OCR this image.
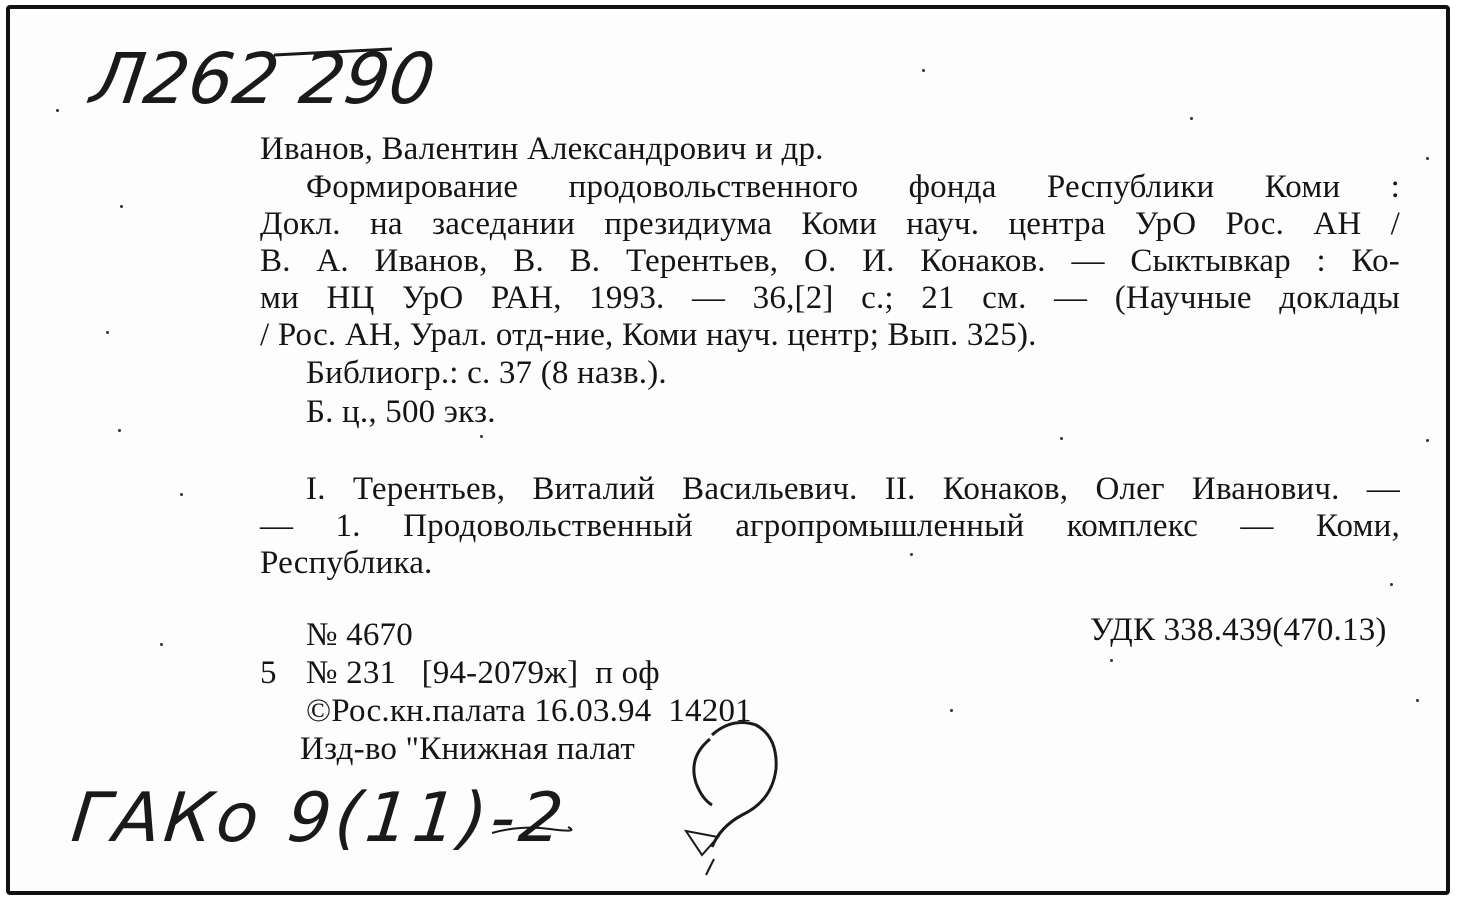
Л262 290
Иванов, Валентин Александрович и др.
Формирование продовольственного фонда Республики Коми :
Докл. на заседании президиума Коми науч. центра УрО Рос. АН /
В. А. Иванов, В. В. Терентьев, О. И. Конаков. — Сыктывкар : Ко-
ми НЦ УрО РАН, 1993. — 36,[2] с.; 21 см. — (Научные доклады
/ Рос. АН, Урал. отд-ние, Коми науч. центр; Вып. 325).
Библиогр.: с. 37 (8 назв.).
Б. ц., 500 экз.
I. Терентьев, Виталий Васильевич. II. Конаков, Олег Иванович. —
— 1. Продовольственный агропромышленный комплекс — Коми,
Республика.
№ 4670	УДК 338.439(470.13)
5 № 231   [94-2079ж]  п оф
©Рос.кн.палата 16.03.94  14201
Изд-во "Книжная палат
ГАКо 9(11)-2
